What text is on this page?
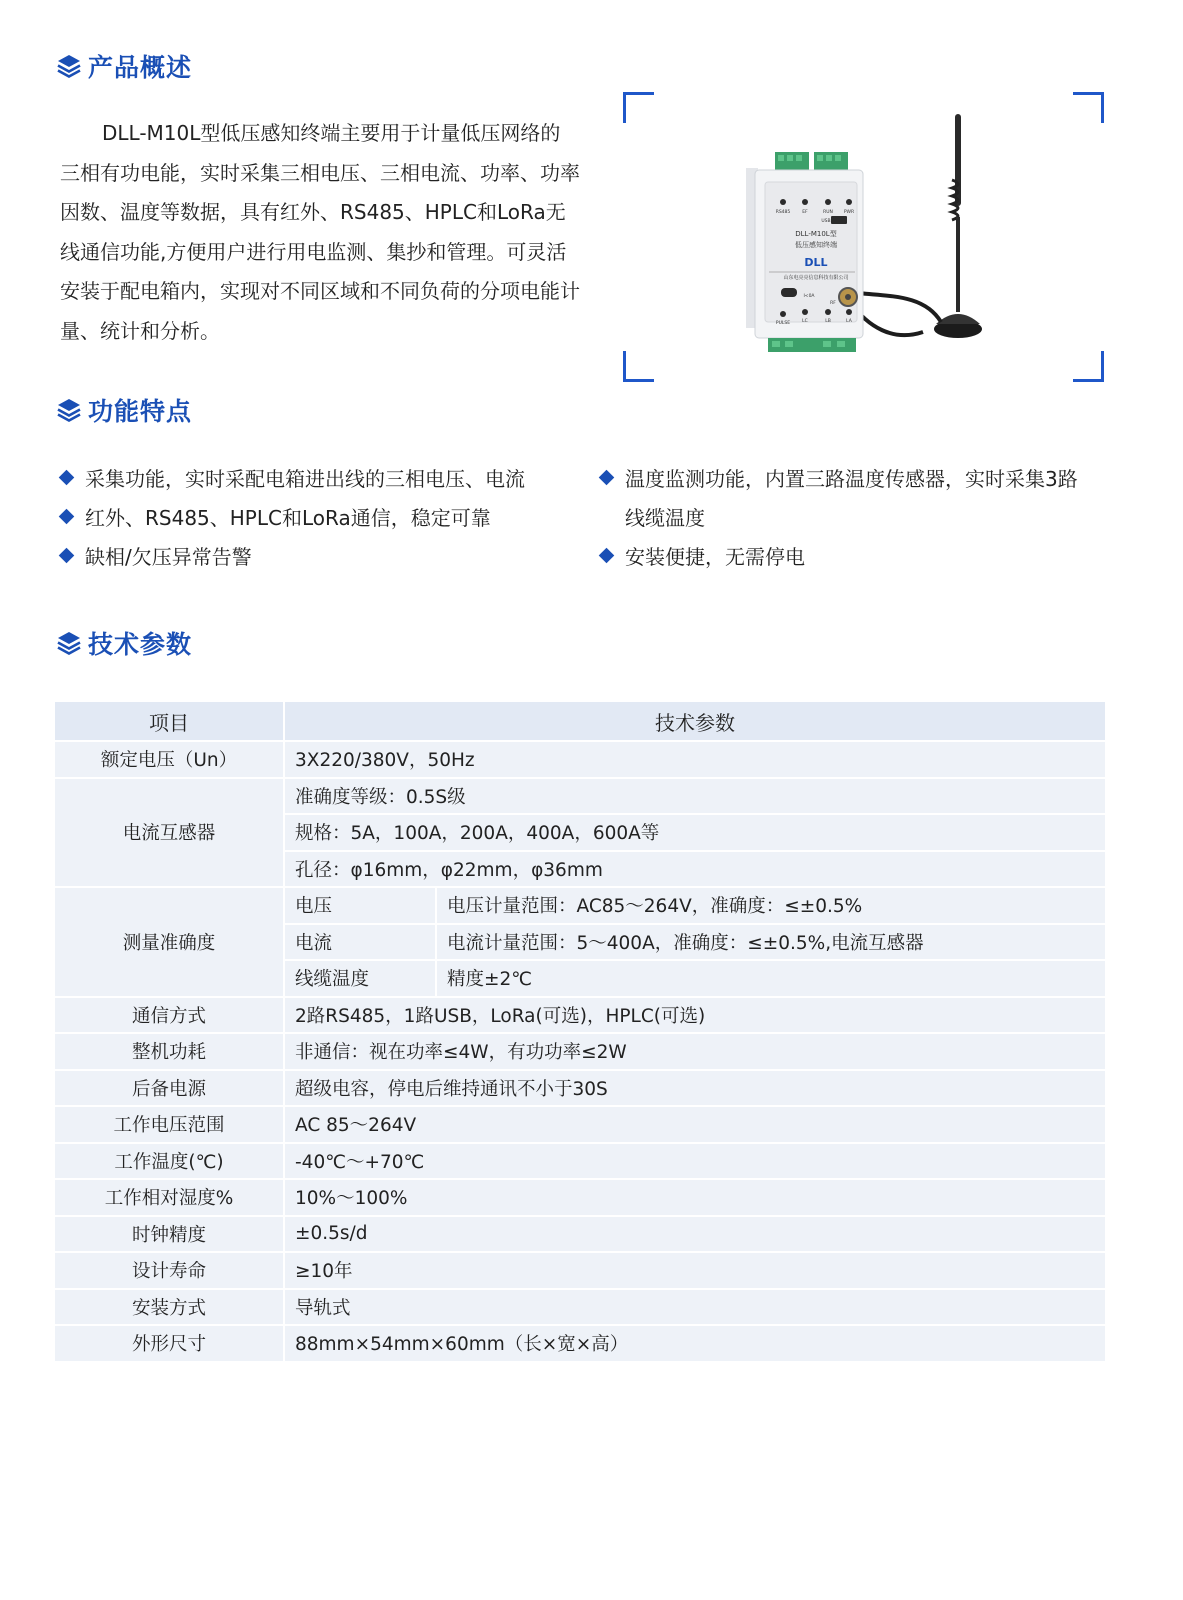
产品概述

DLL-M10L型低压感知终端主要用于计量低压网络的三相有功电能，实时采集三相电压、三相电流、功率、功率因数、温度等数据，具有红外、RS485、HPLC和LoRa无线通信功能,方便用户进行用电监测、集抄和管理。可灵活安装于配电箱内，实现对不同区域和不同负荷的分项电能计量、统计和分析。

RS485	EF	RUN PWR
USB
DLL-M10L型
低压感知终端
DLL
山东电亮亮信息科技有限公司
I<0A
RF
PULSE	LC	LB	LA
功能特点
采集功能，实时采配电箱进出线的三相电压、电流
红外、RS485、HPLC和LoRa通信，稳定可靠
缺相/欠压异常告警
温度监测功能，内置三路温度传感器，实时采集3路线缆温度
安装便捷，无需停电
技术参数
项目	技术参数	
额定电压（Un）	3X220/380V，50Hz	
电流互感器	准确度等级：0.5S级	
	规格：5A，100A，200A，400A，600A等	
	孔径：φ16mm，φ22mm，φ36mm	
测量准确度	电压	电压计量范围：AC85～264V，准确度：≤±0.5%
	电流	电流计量范围：5～400A，准确度：≤±0.5%,电流互感器
	线缆温度	精度±2℃
通信方式	2路RS485，1路USB，LoRa(可选)，HPLC(可选)	
整机功耗	非通信：视在功率≤4W，有功功率≤2W	
后备电源	超级电容，停电后维持通讯不小于30S	
工作电压范围	AC 85～264V	
工作温度(℃)	-40℃～+70℃	
工作相对湿度%	10%～100%	
时钟精度	±0.5s/d	
设计寿命	≥10年	
安装方式	导轨式	
外形尺寸	88mm×54mm×60mm（长×宽×高）	
